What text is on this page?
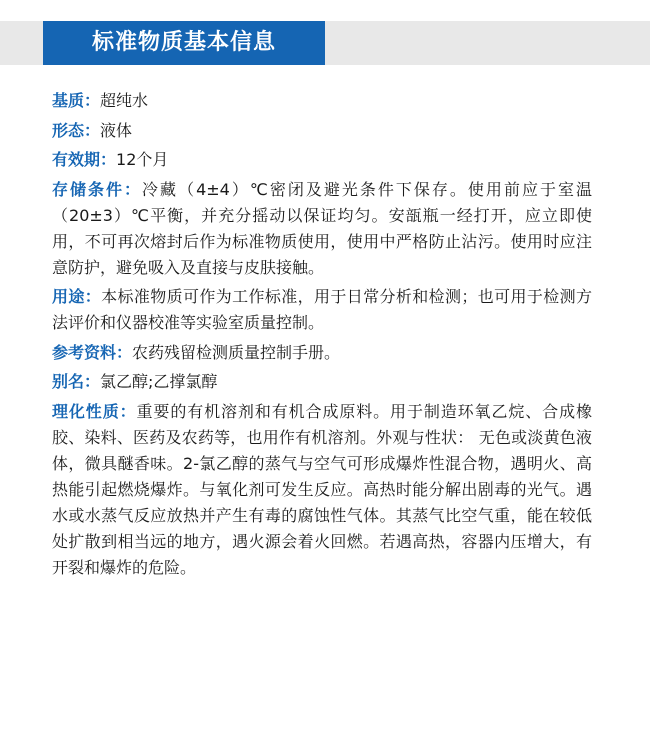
标准物质基本信息

基质：超纯水

形态：液体

有效期：12个月

存储条件：冷藏（4±4）℃密闭及避光条件下保存。使用前应于室温（20±3）℃平衡，并充分摇动以保证均匀。安瓿瓶一经打开，应立即使用，不可再次熔封后作为标准物质使用，使用中严格防止沾污。使用时应注意防护，避免吸入及直接与皮肤接触。

用途：本标准物质可作为工作标准，用于日常分析和检测；也可用于检测方法评价和仪器校准等实验室质量控制。

参考资料：农药残留检测质量控制手册。

别名：氯乙醇;乙撑氯醇

理化性质：重要的有机溶剂和有机合成原料。用于制造环氧乙烷、合成橡胶、染料、医药及农药等，也用作有机溶剂。外观与性状： 无色或淡黄色液体，微具醚香味。2-氯乙醇的蒸气与空气可形成爆炸性混合物，遇明火、高热能引起燃烧爆炸。与氧化剂可发生反应。高热时能分解出剧毒的光气。遇水或水蒸气反应放热并产生有毒的腐蚀性气体。其蒸气比空气重，能在较低处扩散到相当远的地方，遇火源会着火回燃。若遇高热，容器内压增大，有开裂和爆炸的危险。
